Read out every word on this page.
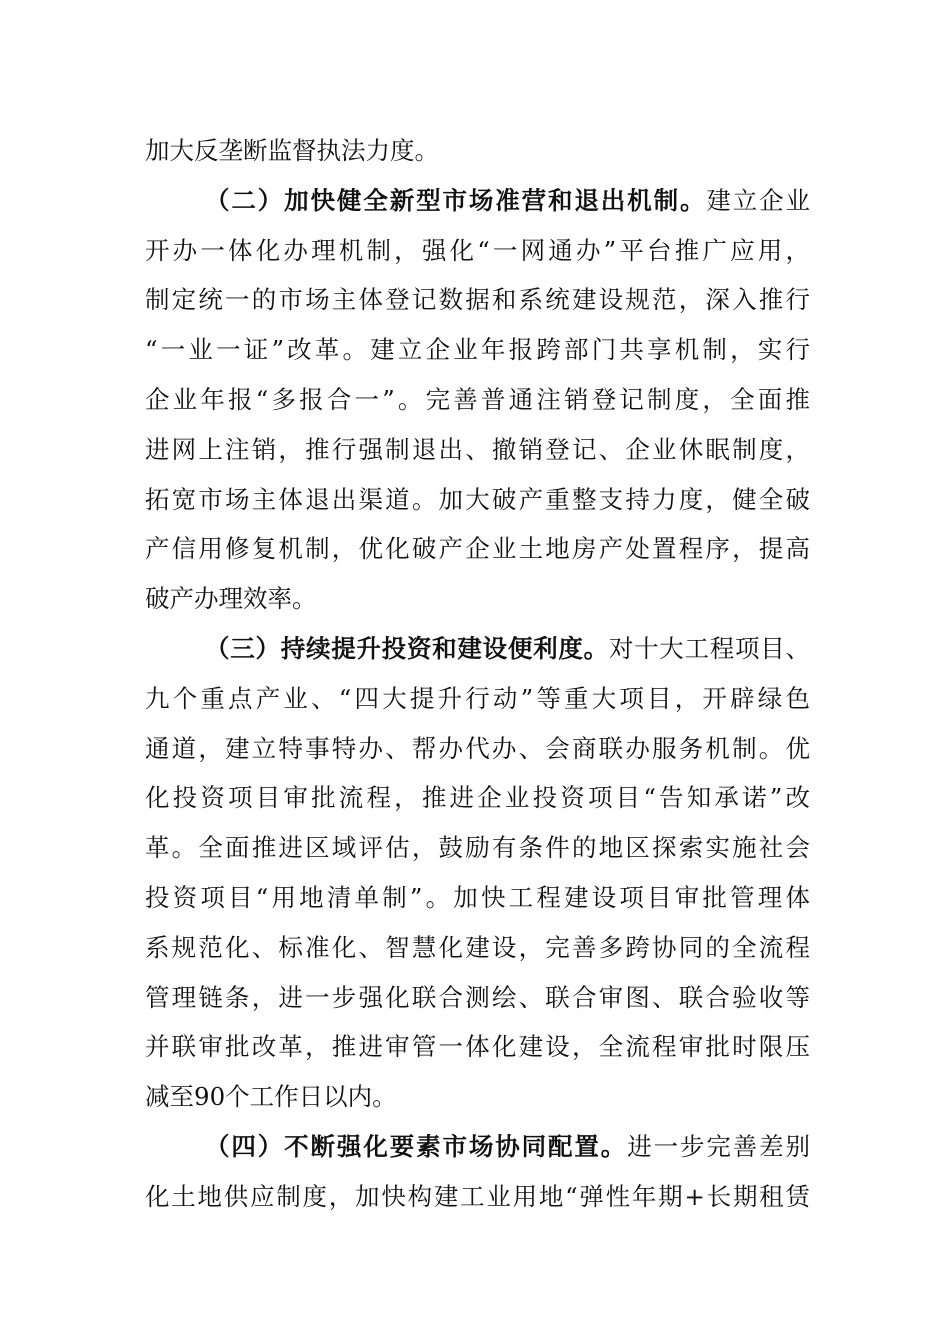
加大反垄断监督执法力度。
（二）加快健全新型市场准营和退出机制。建立企业
开办一体化办理机制，强化“一网通办”平台推广应用，
制定统一的市场主体登记数据和系统建设规范，深入推行
“一业一证”改革。建立企业年报跨部门共享机制，实行
企业年报“多报合一”。完善普通注销登记制度，全面推
进网上注销，推行强制退出、撤销登记、企业休眠制度，
拓宽市场主体退出渠道。加大破产重整支持力度，健全破
产信用修复机制，优化破产企业土地房产处置程序，提高
破产办理效率。
（三）持续提升投资和建设便利度。对十大工程项目、
九个重点产业、“四大提升行动”等重大项目，开辟绿色
通道，建立特事特办、帮办代办、会商联办服务机制。优
化投资项目审批流程，推进企业投资项目“告知承诺”改
革。全面推进区域评估，鼓励有条件的地区探索实施社会
投资项目“用地清单制”。加快工程建设项目审批管理体
系规范化、标准化、智慧化建设，完善多跨协同的全流程
管理链条，进一步强化联合测绘、联合审图、联合验收等
并联审批改革，推进审管一体化建设，全流程审批时限压
减至90个工作日以内。
（四）不断强化要素市场协同配置。进一步完善差别
化土地供应制度，加快构建工业用地“弹性年期+长期租赁
